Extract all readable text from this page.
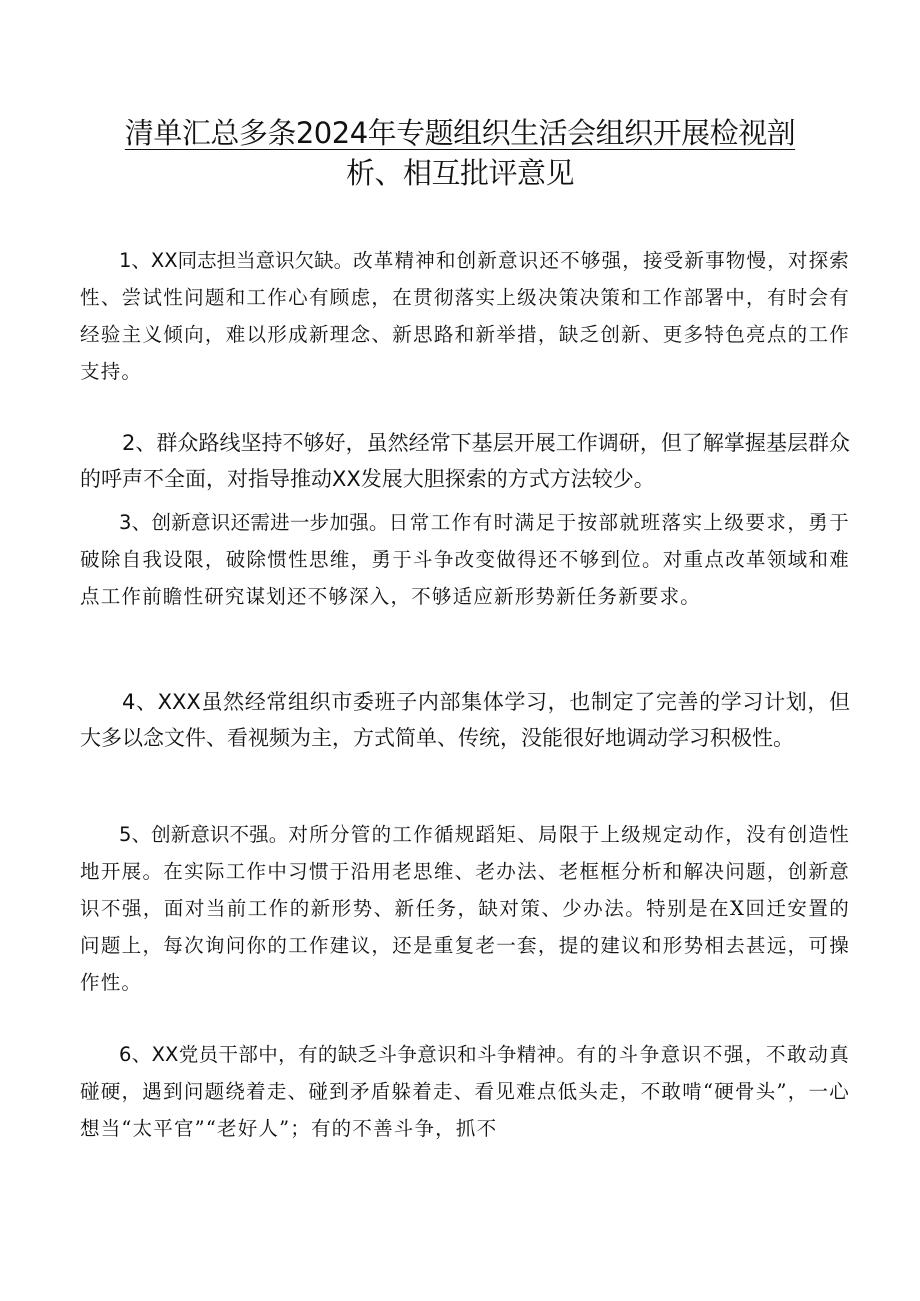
清单汇总多条2024年专题组织生活会组织开展检视剖
析、相互批评意见
1、XX同志担当意识欠缺。改革精神和创新意识还不够强，接受新事物慢，对探索性、尝试性问题和工作心有顾虑，在贯彻落实上级决策决策和工作部署中，有时会有经验主义倾向，难以形成新理念、新思路和新举措，缺乏创新、更多特色亮点的工作支持。
2、群众路线坚持不够好，虽然经常下基层开展工作调研，但了解掌握基层群众的呼声不全面，对指导推动XX发展大胆探索的方式方法较少。
3、创新意识还需进一步加强。日常工作有时满足于按部就班落实上级要求，勇于破除自我设限，破除惯性思维，勇于斗争改变做得还不够到位。对重点改革领域和难点工作前瞻性研究谋划还不够深入，不够适应新形势新任务新要求。
4、XXX虽然经常组织市委班子内部集体学习，也制定了完善的学习计划，但大多以念文件、看视频为主，方式简单、传统，没能很好地调动学习积极性。
5、创新意识不强。对所分管的工作循规蹈矩、局限于上级规定动作，没有创造性地开展。在实际工作中习惯于沿用老思维、老办法、老框框分析和解决问题，创新意识不强，面对当前工作的新形势、新任务，缺对策、少办法。特别是在X回迁安置的问题上，每次询问你的工作建议，还是重复老一套，提的建议和形势相去甚远，可操作性。
6、XX党员干部中，有的缺乏斗争意识和斗争精神。有的斗争意识不强，不敢动真碰硬，遇到问题绕着走、碰到矛盾躲着走、看见难点低头走，不敢啃“硬骨头”，一心想当“太平官”“老好人”；有的不善斗争，抓不
